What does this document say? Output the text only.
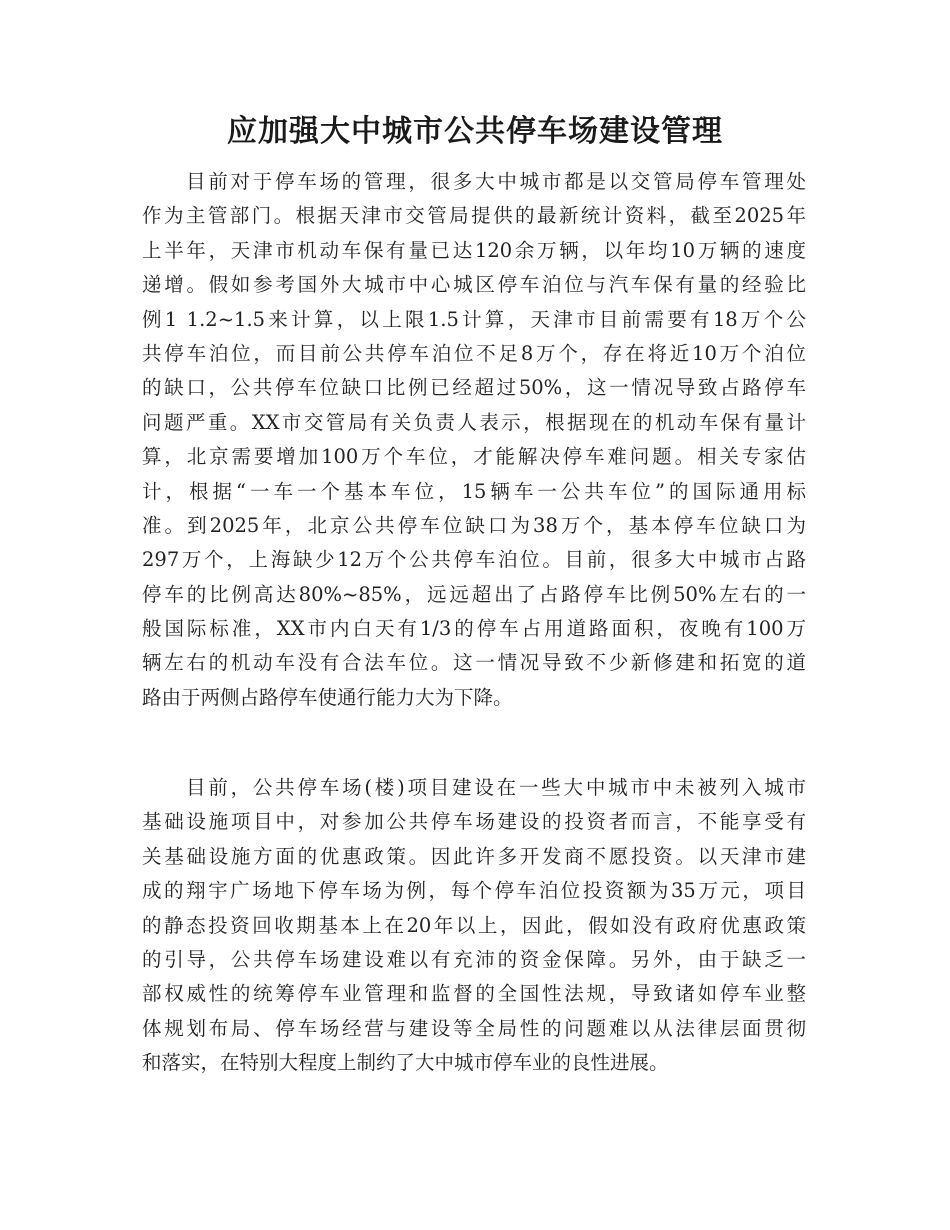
应加强大中城市公共停车场建设管理
目前对于停车场的管理，很多大中城市都是以交管局停车管理处
作为主管部门。根据天津市交管局提供的最新统计资料，截至2025年
上半年，天津市机动车保有量已达120余万辆，以年均10万辆的速度
递增。假如参考国外大城市中心城区停车泊位与汽车保有量的经验比
例1 1.2~1.5来计算，以上限1.5计算，天津市目前需要有18万个公
共停车泊位，而目前公共停车泊位不足8万个，存在将近10万个泊位
的缺口，公共停车位缺口比例已经超过50%，这一情况导致占路停车
问题严重。XX市交管局有关负责人表示，根据现在的机动车保有量计
算，北京需要增加100万个车位，才能解决停车难问题。相关专家估
计，根据“一车一个基本车位，15辆车一公共车位”的国际通用标
准。到2025年，北京公共停车位缺口为38万个，基本停车位缺口为
297万个，上海缺少12万个公共停车泊位。目前，很多大中城市占路
停车的比例高达80%~85%，远远超出了占路停车比例50%左右的一
般国际标准，XX市内白天有1/3的停车占用道路面积，夜晚有100万
辆左右的机动车没有合法车位。这一情况导致不少新修建和拓宽的道
路由于两侧占路停车使通行能力大为下降。
目前，公共停车场(楼)项目建设在一些大中城市中未被列入城市
基础设施项目中，对参加公共停车场建设的投资者而言，不能享受有
关基础设施方面的优惠政策。因此许多开发商不愿投资。以天津市建
成的翔宇广场地下停车场为例，每个停车泊位投资额为35万元，项目
的静态投资回收期基本上在20年以上，因此，假如没有政府优惠政策
的引导，公共停车场建设难以有充沛的资金保障。另外，由于缺乏一
部权威性的统筹停车业管理和监督的全国性法规，导致诸如停车业整
体规划布局、停车场经营与建设等全局性的问题难以从法律层面贯彻
和落实，在特别大程度上制约了大中城市停车业的良性进展。
